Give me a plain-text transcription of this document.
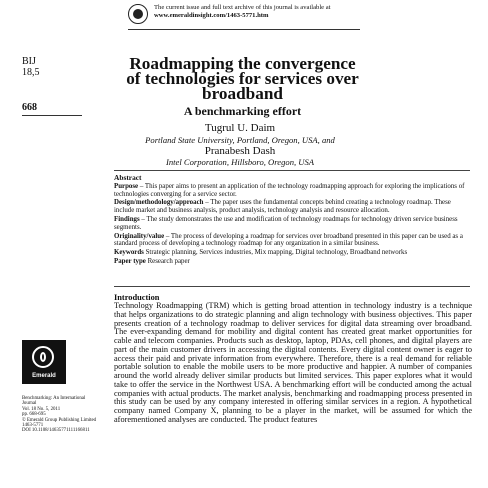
The current issue and full text archive of this journal is available at
www.emeraldinsight.com/1463-5771.htm
BIJ
18,5
668
Roadmapping the convergence
of technologies for services over
broadband
A benchmarking effort
Tugrul U. Daim
Portland State University, Portland, Oregon, USA, and
Pranabesh Dash
Intel Corporation, Hillsboro, Oregon, USA
Abstract

Purpose – This paper aims to present an application of the technology roadmapping approach for exploring the implications of technologies converging for a service sector.

Design/methodology/approach – The paper uses the fundamental concepts behind creating a technology roadmap. These include market and business analysis, product analysis, technology analysis and resource allocation.

Findings – The study demonstrates the use and modification of technology roadmaps for technology driven service business segments.

Originality/value – The process of developing a roadmap for services over broadband presented in this paper can be used as a standard process of developing a technology roadmap for any organization in a similar business.

Keywords Strategic planning, Services industries, Mix mapping, Digital technology, Broadband networks

Paper type Research paper

Emerald
Benchmarking: An International
Journal
Vol. 18 No. 5, 2011
pp. 668-695
© Emerald Group Publishing Limited
1463-5771
DOI 10.1108/14635771111166811
Introduction
Technology Roadmapping (TRM) which is getting broad attention in technology industry is a technique that helps organizations to do strategic planning and align technology with business objectives. This paper presents creation of a technology roadmap to deliver services for digital data streaming over broadband. The ever-expanding demand for mobility and digital content has created great market opportunities for cable and telecom companies. Products such as desktop, laptop, PDAs, cell phones, and digital players are part of the main customer drivers in accessing the digital contents. Every digital content owner is eager to access their paid and private information from everywhere. Therefore, there is a real demand for reliable portable solution to enable the mobile users to be more productive and happier. A number of companies around the world already deliver similar products but limited services. This paper explores what it would take to offer the service in the Northwest USA. A benchmarking effort will be conducted among the actual companies with actual products. The market analysis, benchmarking and roadmapping process presented in this study can be used by any company interested in offering similar services in a region. A hypothetical company named Company X, planning to be a player in the market, will be assumed for which the aforementioned analyses are conducted. The product features
